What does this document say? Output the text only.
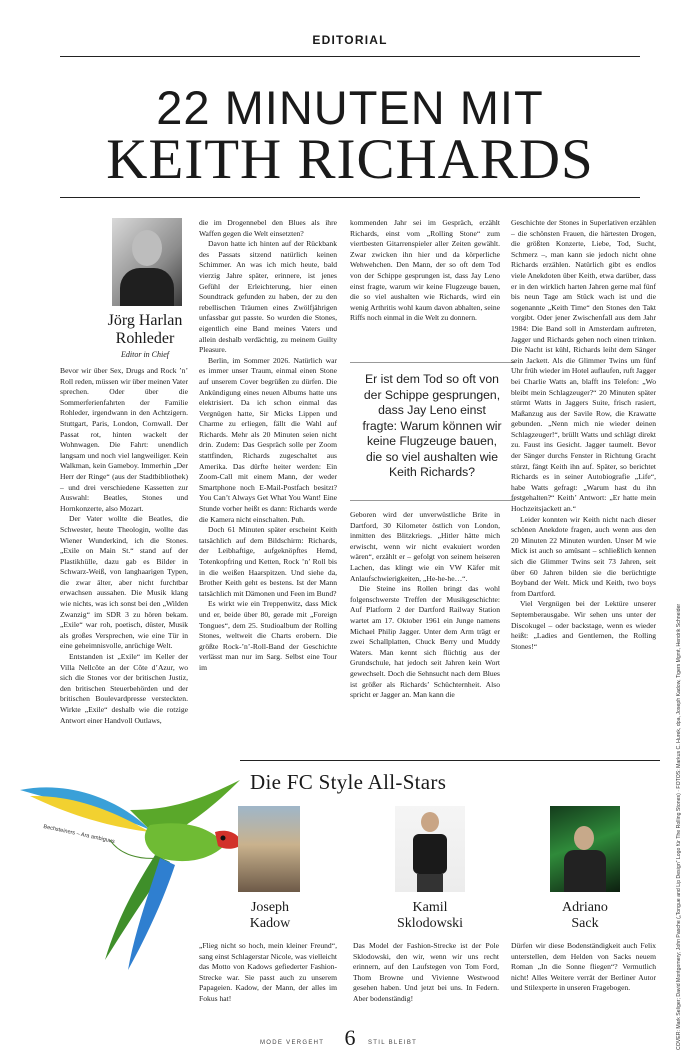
EDITORIAL
22 MINUTEN MIT
KEITH RICHARDS
Jörg Harlan
Rohleder
Editor in Chief

Bevor wir über Sex, Drugs and Rock ’n’ Roll reden, müssen wir über meinen Vater sprechen. Oder über die Sommerferienfahrten der Familie Rohleder, irgendwann in den Achtzigern. Stuttgart, Paris, London, Cornwall. Der Passat rot, hinten wackelt der Wohnwagen. Die Fahrt: unendlich langsam und noch viel langweiliger. Kein Walkman, kein Gameboy. Immerhin „Der Herr der Ringe“ (aus der Stadtbibliothek) – und drei verschiedene Kassetten zur Auswahl: Beatles, Stones und Hornkonzerte, also Mozart.

Der Vater wollte die Beatles, die Schwester, heute Theologin, wollte das Wiener Wunderkind, ich die Stones. „Exile on Main St.“ stand auf der Plastikhülle, dazu gab es Bilder in Schwarz-Weiß, von langhaarigen Typen, die zwar älter, aber nicht furchtbar erwachsen aussahen. Die Musik klang wie nichts, was ich sonst bei den „Wilden Zwanzig“ im SDR 3 zu hören bekam. „Exile“ war roh, poetisch, düster, Musik als großes Versprechen, wie eine Tür in eine geheimnisvolle, anrüchige Welt.

Entstanden ist „Exile“ im Keller der Villa Nellcôte an der Côte d’Azur, wo sich die Stones vor der britischen Justiz, den britischen Steuerbehörden und der britischen Boulevardpresse versteckten. Wirkte „Exile“ deshalb wie die rotzige Antwort einer Handvoll Outlaws,

die im Drogennebel den Blues als ihre Waffen gegen die Welt einsetzten?

Davon hatte ich hinten auf der Rückbank des Passats sitzend natürlich keinen Schimmer. An was ich mich heute, bald vierzig Jahre später, erinnere, ist jenes Gefühl der Erleichterung, hier einen Soundtrack gefunden zu haben, der zu den rebellischen Träumen eines Zwölfjährigen unfassbar gut passte. So wurden die Stones, eigentlich eine Band meines Vaters und allein deshalb verdächtig, zu meinem Guilty Pleasure.

Berlin, im Sommer 2026. Natürlich war es immer unser Traum, einmal einen Stone auf unserem Cover begrüßen zu dürfen. Die Ankündigung eines neuen Albums hatte uns elektrisiert. Da ich schon einmal das Vergnügen hatte, Sir Micks Lippen und Charme zu erliegen, fällt die Wahl auf Richards. Mehr als 20 Minuten seien nicht drin. Zudem: Das Gespräch solle per Zoom stattfinden, Richards zugeschaltet aus Amerika. Das dürfte heiter werden: Ein Zoom-Call mit einem Mann, der weder Smartphone noch E-Mail-Postfach besitzt? You Can’t Always Get What You Want! Eine Stunde vorher heißt es dann: Richards werde die Kamera nicht einschalten. Puh.

Doch 61 Minuten später erscheint Keith tatsächlich auf dem Bildschirm: Richards, der Leibhaftige, aufgeknöpftes Hemd, Totenkopfring und Ketten, Rock ’n’ Roll bis in die weißen Haarspitzen. Und siehe da, Brother Keith geht es bestens. Ist der Mann tatsächlich mit Dämonen und Feen im Bund?

Es wirkt wie ein Treppenwitz, dass Mick und er, beide über 80, gerade mit „Foreign Tongues“, dem 25. Studioalbum der Rolling Stones, weltweit die Charts erobern. Die größte Rock-’n’-Roll-Band der Geschichte verlässt man nur im Sarg. Selbst eine Tour im

kommenden Jahr sei im Gespräch, erzählt Richards, einst vom „Rolling Stone“ zum viertbesten Gitarrenspieler aller Zeiten gewählt. Zwar zwicken ihn hier und da körperliche Wehwehchen. Den Mann, der so oft dem Tod von der Schippe gesprungen ist, dass Jay Leno einst fragte, warum wir keine Flugzeuge bauen, die so viel aushalten wie Richards, wird ein wenig Arthritis wohl kaum davon abhalten, seine Riffs noch einmal in die Welt zu donnern.

Er ist dem Tod so oft von der Schippe gesprungen, dass Jay Leno einst fragte: Warum können wir keine Flugzeuge bauen, die so viel aushalten wie Keith Richards?

Geboren wird der unverwüstliche Brite in Dartford, 30 Kilometer östlich von London, inmitten des Blitzkriegs. „Hitler hätte mich erwischt, wenn wir nicht evakuiert worden wären“, erzählt er – gefolgt von seinem heiseren Lachen, das klingt wie ein VW Käfer mit Anlaufschwierigkeiten, „He-he-he…“.

Die Steine ins Rollen bringt das wohl folgenschwerste Treffen der Musikgeschichte: Auf Platform 2 der Dartford Railway Station wartet am 17. Oktober 1961 ein Junge namens Michael Philip Jagger. Unter dem Arm trägt er zwei Schallplatten, Chuck Berry und Muddy Waters. Man kennt sich flüchtig aus der Grundschule, hat jedoch seit Jahren kein Wort gewechselt. Doch die Sehnsucht nach dem Blues ist größer als Richards’ Schüchternheit. Also spricht er Jagger an. Man kann die

Geschichte der Stones in Superlativen erzählen – die schönsten Frauen, die härtesten Drogen, die größten Konzerte, Liebe, Tod, Sucht, Schmerz –, man kann sie jedoch nicht ohne Richards erzählen. Natürlich gibt es endlos viele Anekdoten über Keith, etwa darüber, dass er in den wirklich harten Jahren gerne mal fünf bis neun Tage am Stück wach ist und die sogenannte „Keith Time“ den Stones den Takt vorgibt. Oder jener Zwischenfall aus dem Jahr 1984: Die Band soll in Amsterdam auftreten, Jagger und Richards gehen noch einen trinken. Die Nacht ist kühl, Richards leiht dem Sänger sein Jackett. Als die Glimmer Twins um fünf Uhr früh wieder im Hotel auflaufen, ruft Jagger bei Charlie Watts an, blafft ins Telefon: „Wo bleibt mein Schlagzeuger?“ 20 Minuten später stürmt Watts in Jaggers Suite, frisch rasiert, Maßanzug aus der Savile Row, die Krawatte gebunden. „Nenn mich nie wieder deinen Schlagzeuger!“, brüllt Watts und schlägt direkt zu. Faust ins Gesicht. Jagger taumelt. Bevor der Sänger durchs Fenster in Richtung Gracht stürzt, fängt Keith ihn auf. Später, so berichtet Richards es in seiner Autobiografie „Life“, habe Watts gefragt: „Warum hast du ihn festgehalten?“ Keith’ Antwort: „Er hatte mein Hochzeitsjackett an.“

Leider konnten wir Keith nicht nach dieser schönen Anekdote fragen, auch wenn aus den 20 Minuten 22 Minuten wurden. Unser M wie Mick ist auch so amüsant – schließlich kennen sich die Glimmer Twins seit 73 Jahren, seit über 60 Jahren bilden sie die berüchtigte Boyband der Welt. Mick und Keith, two boys from Dartford.

Viel Vergnügen bei der Lektüre unserer Septemberausgabe. Wir sehen uns unter der Discokugel – oder backstage, wenn es wieder heißt: „Ladies and Gentlemen, the Rolling Stones!“	COVER: Mark Seliger; David Montgomery; John Pasche („Tongue and Lip Design“ Logo für The Rolling Stones) · FOTOS: Markus C. Hurek, dpa, Joseph Kadow, Tigers Mgmt, Hendrik Schneider
Die FC Style All-Stars
Bechsteiners – Ara ambiguus
Joseph
Kadow
„Flieg nicht so hoch, mein kleiner Freund“, sang einst Schlagerstar Nicole, was vielleicht das Motto von Kadows gefiederter Fashion-Strecke war. Sie passt auch zu unserem Papageien. Kadow, der Mann, der alles im Fokus hat!
Kamil
Sklodowski
Das Model der Fashion-Strecke ist der Pole Sklodowski, den wir, wenn wir uns recht erinnern, auf den Laufstegen von Tom Ford, Thom Browne und Vivienne Westwood gesehen haben. Und jetzt bei uns. In Federn. Aber bodenständig!
Adriano
Sack
Dürfen wir diese Bodenständigkeit auch Felix unterstellen, dem Helden von Sacks neuem Roman „In die Sonne fliegen“? Vermutlich nicht! Alles Weitere verrät der Berliner Autor und Stilexperte in unseren Fragebogen.
MODE VERGEHT 6	STIL BLEIBT
